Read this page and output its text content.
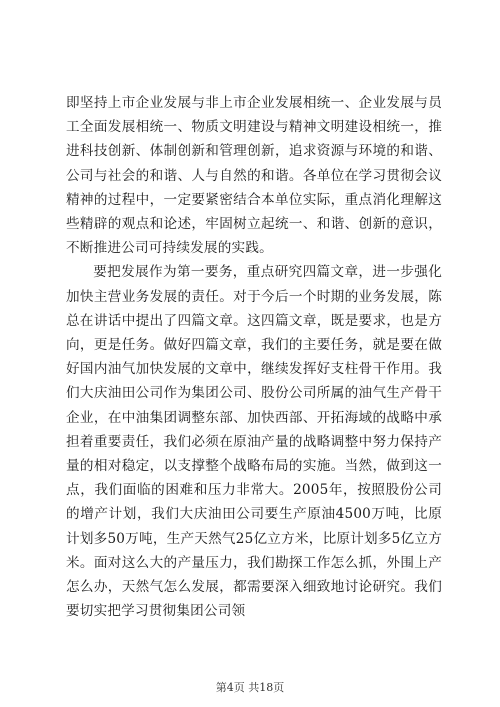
即坚持上市企业发展与非上市企业发展相统一、企业发展与员工全面发展相统一、物质文明建设与精神文明建设相统一，推进科技创新、体制创新和管理创新，追求资源与环境的和谐、公司与社会的和谐、人与自然的和谐。各单位在学习贯彻会议精神的过程中，一定要紧密结合本单位实际，重点消化理解这些精辟的观点和论述，牢固树立起统一、和谐、创新的意识，不断推进公司可持续发展的实践。

要把发展作为第一要务，重点研究四篇文章，进一步强化加快主营业务发展的责任。对于今后一个时期的业务发展，陈总在讲话中提出了四篇文章。这四篇文章，既是要求，也是方向，更是任务。做好四篇文章，我们的主要任务，就是要在做好国内油气加快发展的文章中，继续发挥好支柱骨干作用。我们大庆油田公司作为集团公司、股份公司所属的油气生产骨干企业，在中油集团调整东部、加快西部、开拓海域的战略中承担着重要责任，我们必须在原油产量的战略调整中努力保持产量的相对稳定，以支撑整个战略布局的实施。当然，做到这一点，我们面临的困难和压力非常大。2005年，按照股份公司的增产计划，我们大庆油田公司要生产原油4500万吨，比原计划多50万吨，生产天然气25亿立方米，比原计划多5亿立方米。面对这么大的产量压力，我们勘探工作怎么抓，外围上产怎么办，天然气怎么发展，都需要深入细致地讨论研究。我们要切实把学习贯彻集团公司领

第4页 共18页
